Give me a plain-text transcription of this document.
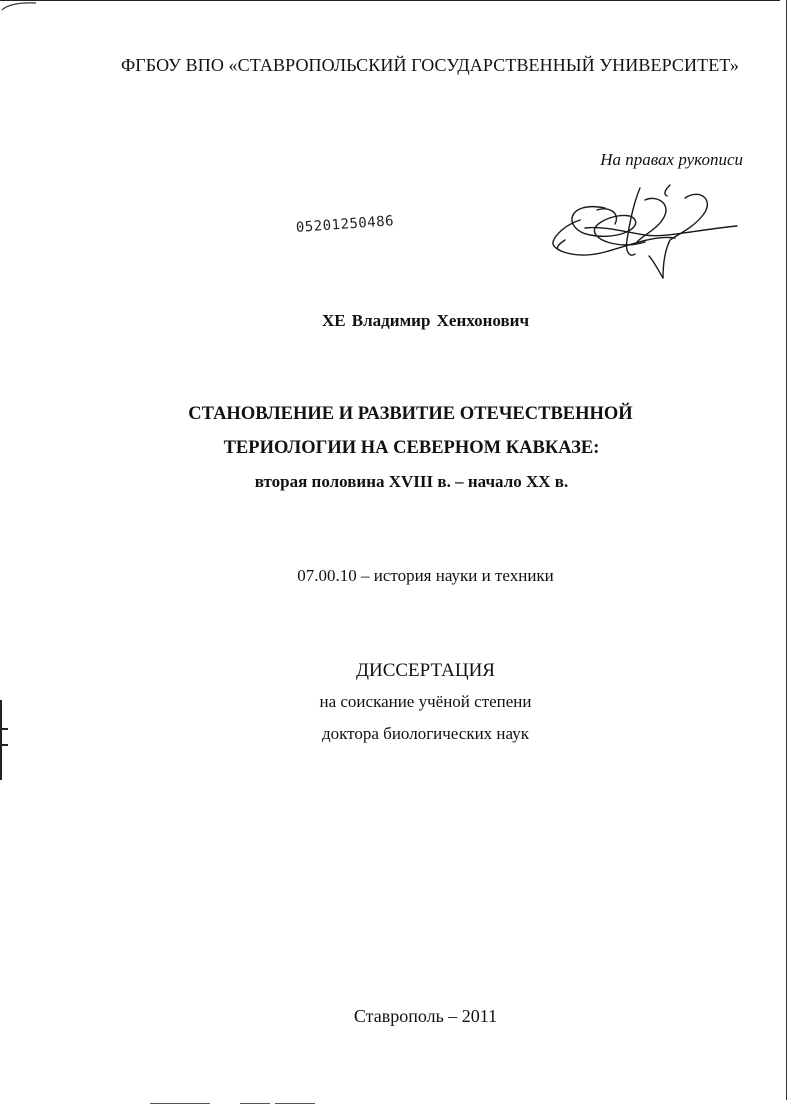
ФГБОУ ВПО «СТАВРОПОЛЬСКИЙ ГОСУДАРСТВЕННЫЙ УНИВЕРСИТЕТ»
На правах рукописи
05201250486
ХЕ Владимир Хенхонович
СТАНОВЛЕНИЕ И РАЗВИТИЕ ОТЕЧЕСТВЕННОЙ
ТЕРИОЛОГИИ НА СЕВЕРНОМ КАВКАЗЕ:
вторая половина XVIII в. – начало XX в.
07.00.10 – история науки и техники
ДИССЕРТАЦИЯ
на соискание учёной степени
доктора биологических наук
Ставрополь – 2011
